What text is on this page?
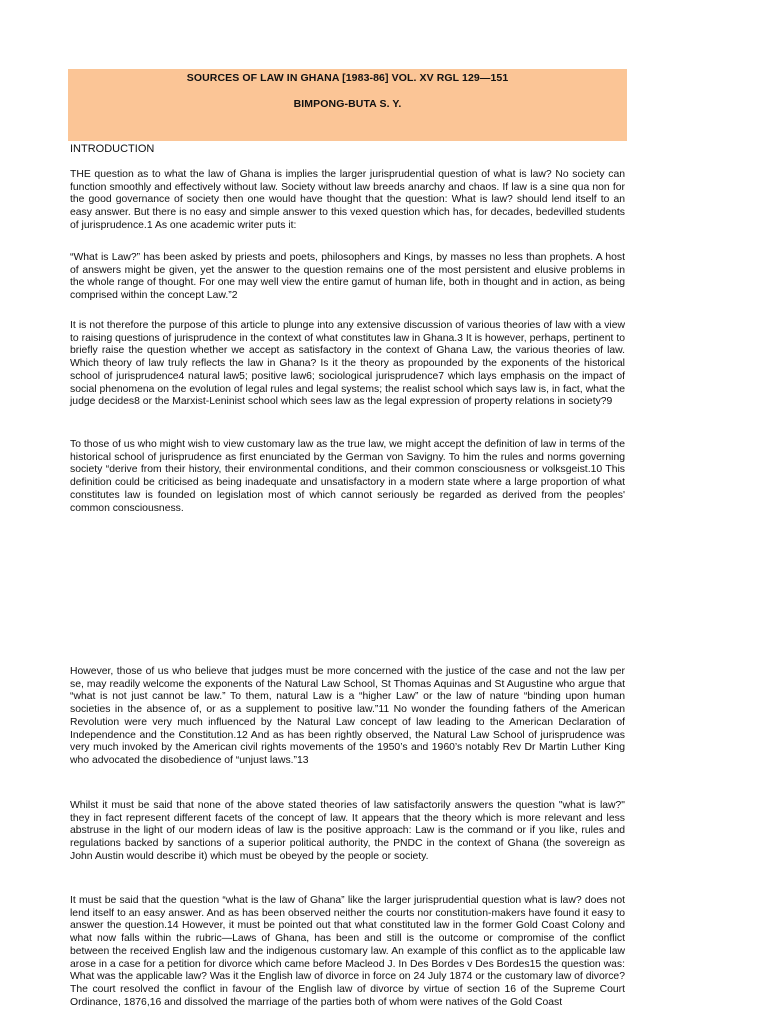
SOURCES OF LAW IN GHANA [1983-86] VOL. XV RGL 129—151
BIMPONG-BUTA S. Y.
INTRODUCTION

THE question as to what the law of Ghana is implies the larger jurisprudential question of what is law? No society can function smoothly and effectively without law. Society without law breeds anarchy and chaos. If law is a sine qua non for the good governance of society then one would have thought that the question: What is law? should lend itself to an easy answer. But there is no easy and simple answer to this vexed question which has, for decades, bedevilled students of jurisprudence.1 As one academic writer puts it:

“What is Law?” has been asked by priests and poets, philosophers and Kings, by masses no less than prophets. A host of answers might be given, yet the answer to the question remains one of the most persistent and elusive problems in the whole range of thought. For one may well view the entire gamut of human life, both in thought and in action, as being comprised within the concept Law.”2

It is not therefore the purpose of this article to plunge into any extensive discussion of various theories of law with a view to raising questions of jurisprudence in the context of what constitutes law in Ghana.3 It is however, perhaps, pertinent to briefly raise the question whether we accept as satisfactory in the context of Ghana Law, the various theories of law. Which theory of law truly reflects the law in Ghana? Is it the theory as propounded by the exponents of the historical school of jurisprudence4 natural law5; positive law6; sociological jurisprudence7 which lays emphasis on the impact of social phenomena on the evolution of legal rules and legal systems; the realist school which says law is, in fact, what the judge decides8 or the Marxist-Leninist school which sees law as the legal expression of property relations in society?9

To those of us who might wish to view customary law as the true law, we might accept the definition of law in terms of the historical school of jurisprudence as first enunciated by the German von Savigny. To him the rules and norms governing society “derive from their history, their environmental conditions, and their common consciousness or volksgeist.10 This definition could be criticised as being inadequate and unsatisfactory in a modern state where a large proportion of what constitutes law is founded on legislation most of which cannot seriously be regarded as derived from the peoples' common consciousness.

However, those of us who believe that judges must be more concerned with the justice of the case and not the law per se, may readily welcome the exponents of the Natural Law School, St Thomas Aquinas and St Augustine who argue that “what is not just cannot be law.” To them, natural Law is a “higher Law” or the law of nature “binding upon human societies in the absence of, or as a supplement to positive law.”11 No wonder the founding fathers of the American Revolution were very much influenced by the Natural Law concept of law leading to the American Declaration of Independence and the Constitution.12 And as has been rightly observed, the Natural Law School of jurisprudence was very much invoked by the American civil rights movements of the 1950’s and 1960’s notably Rev Dr Martin Luther King who advocated the disobedience of “unjust laws.”13

Whilst it must be said that none of the above stated theories of law satisfactorily answers the question "what is law?" they in fact represent different facets of the concept of law. It appears that the theory which is more relevant and less abstruse in the light of our modern ideas of law is the positive approach: Law is the command or if you like, rules and regulations backed by sanctions of a superior political authority, the PNDC in the context of Ghana (the sovereign as John Austin would describe it) which must be obeyed by the people or society.

It must be said that the question “what is the law of Ghana” like the larger jurisprudential question what is law? does not lend itself to an easy answer. And as has been observed neither the courts nor constitution-makers have found it easy to answer the question.14 However, it must be pointed out that what constituted law in the former Gold Coast Colony and what now falls within the rubric—Laws of Ghana, has been and still is the outcome or compromise of the conflict between the received English law and the indigenous customary law. An example of this conflict as to the applicable law arose in a case for a petition for divorce which came before Macleod J. In Des Bordes v Des Bordes15 the question was: What was the applicable law? Was it the English law of divorce in force on 24 July 1874 or the customary law of divorce? The court resolved the conflict in favour of the English law of divorce by virtue of section 16 of the Supreme Court Ordinance, 1876,16 and dissolved the marriage of the parties both of whom were natives of the Gold Coast
